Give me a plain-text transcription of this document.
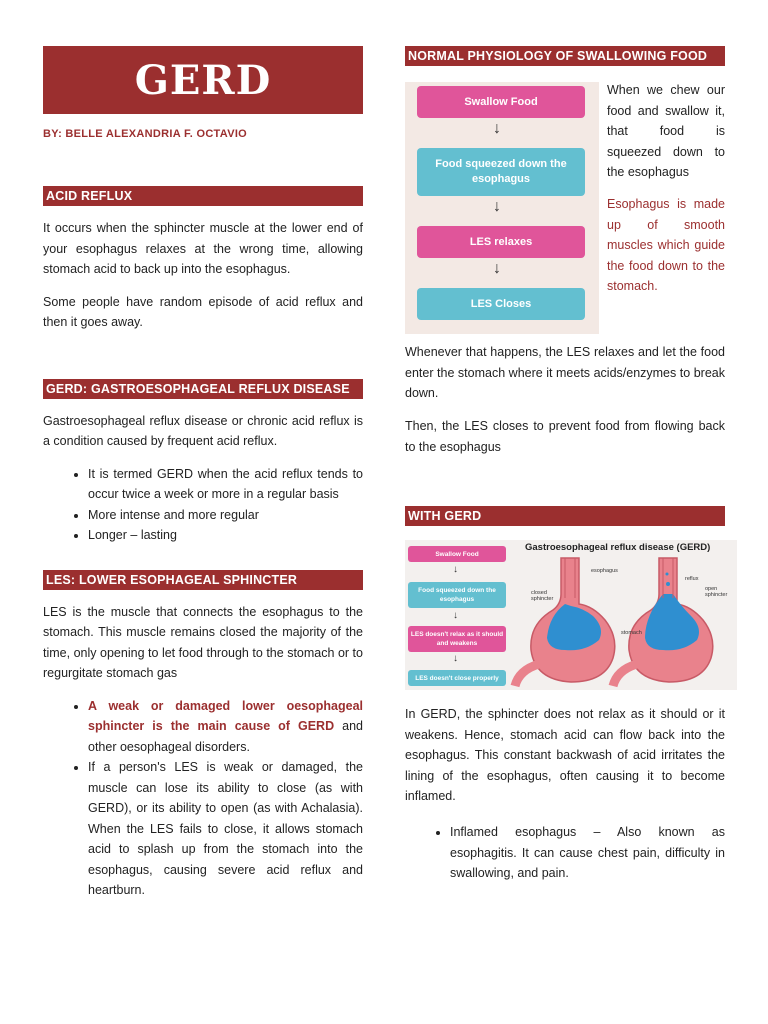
GERD
BY: BELLE ALEXANDRIA F. OCTAVIO
ACID REFLUX

It occurs when the sphincter muscle at the lower end of your esophagus relaxes at the wrong time, allowing stomach acid to back up into the esophagus.

Some people have random episode of acid reflux and then it goes away.

GERD: GASTROESOPHAGEAL REFLUX DISEASE

Gastroesophageal reflux disease or chronic acid reflux is a condition caused by frequent acid reflux.

• It is termed GERD when the acid reflux tends to occur twice a week or more in a regular basis
• More intense and more regular
• Longer – lasting
LES: LOWER ESOPHAGEAL SPHINCTER

LES is the muscle that connects the esophagus to the stomach. This muscle remains closed the majority of the time, only opening to let food through to the stomach or to regurgitate stomach gas

• A weak or damaged lower oesophageal sphincter is the main cause of GERD and other oesophageal disorders.
• If a person's LES is weak or damaged, the muscle can lose its ability to close (as with GERD), or its ability to open (as with Achalasia). When the LES fails to close, it allows stomach acid to splash up from the stomach into the esophagus, causing severe acid reflux and heartburn.
NORMAL PHYSIOLOGY OF SWALLOWING FOOD
Swallow Food
↓
Food squeezed down the esophagus
↓
LES relaxes
↓
LES Closes

When we chew our food and swallow it, that food is squeezed down to the esophagus

Esophagus is made up of smooth muscles which guide the food down to the stomach.

Whenever that happens, the LES relaxes and let the food enter the stomach where it meets acids/enzymes to break down.

Then, the LES closes to prevent food from flowing back to the esophagus

WITH GERD
Swallow Food
↓
Food squeezed down the esophagus
↓
LES doesn't relax as it should and weakens
↓
LES doesn't close properly
Gastroesophageal reflux disease (GERD)
esophagus
closed sphincter
reflux
open sphincter
stomach

In GERD, the sphincter does not relax as it should or it weakens. Hence, stomach acid can flow back into the esophagus. This constant backwash of acid irritates the lining of the esophagus, often causing it to become inflamed.

• Inflamed esophagus – Also known as esophagitis. It can cause chest pain, difficulty in swallowing, and pain.
